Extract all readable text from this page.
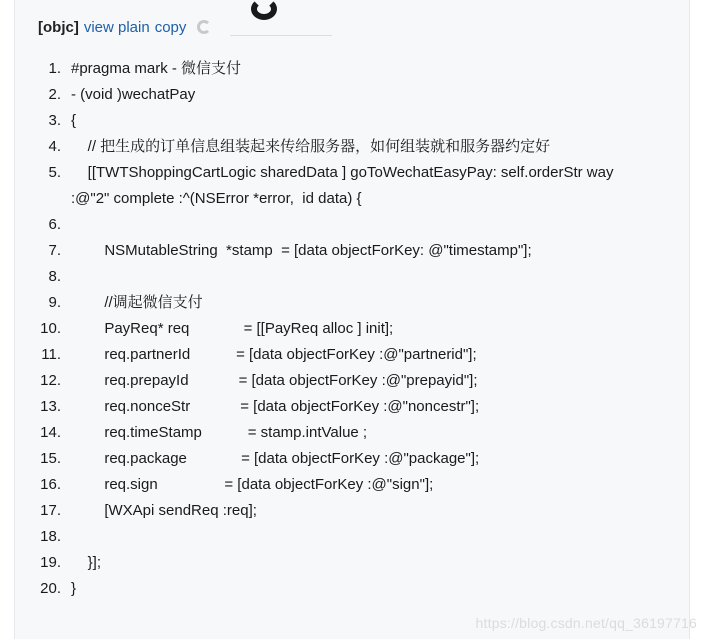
[objc] view plain copy
1. #pragma mark - 微信支付
2. - (void )wechatPay
3. {
4. // 把生成的订单信息组装起来传给服务器，如何组装就和服务器约定好
5. [[TWTShoppingCartLogic sharedData ] goToWechatEasyPay: self.orderStr way
:@"2" complete :^(NSError *error,  id data) {
6.
7. NSMutableString  *stamp  = [data objectForKey: @"timestamp"];
8.
9. //调起微信支付
10. PayReq* req             = [[PayReq alloc ] init];
11. req.partnerId           = [data objectForKey :@"partnerid"];
12. req.prepayId            = [data objectForKey :@"prepayid"];
13. req.nonceStr            = [data objectForKey :@"noncestr"];
14. req.timeStamp           = stamp.intValue ;
15. req.package             = [data objectForKey :@"package"];
16. req.sign                = [data objectForKey :@"sign"];
17. [WXApi sendReq :req];
18.
19. }];
20. }
https://blog.csdn.net/qq_36197716
